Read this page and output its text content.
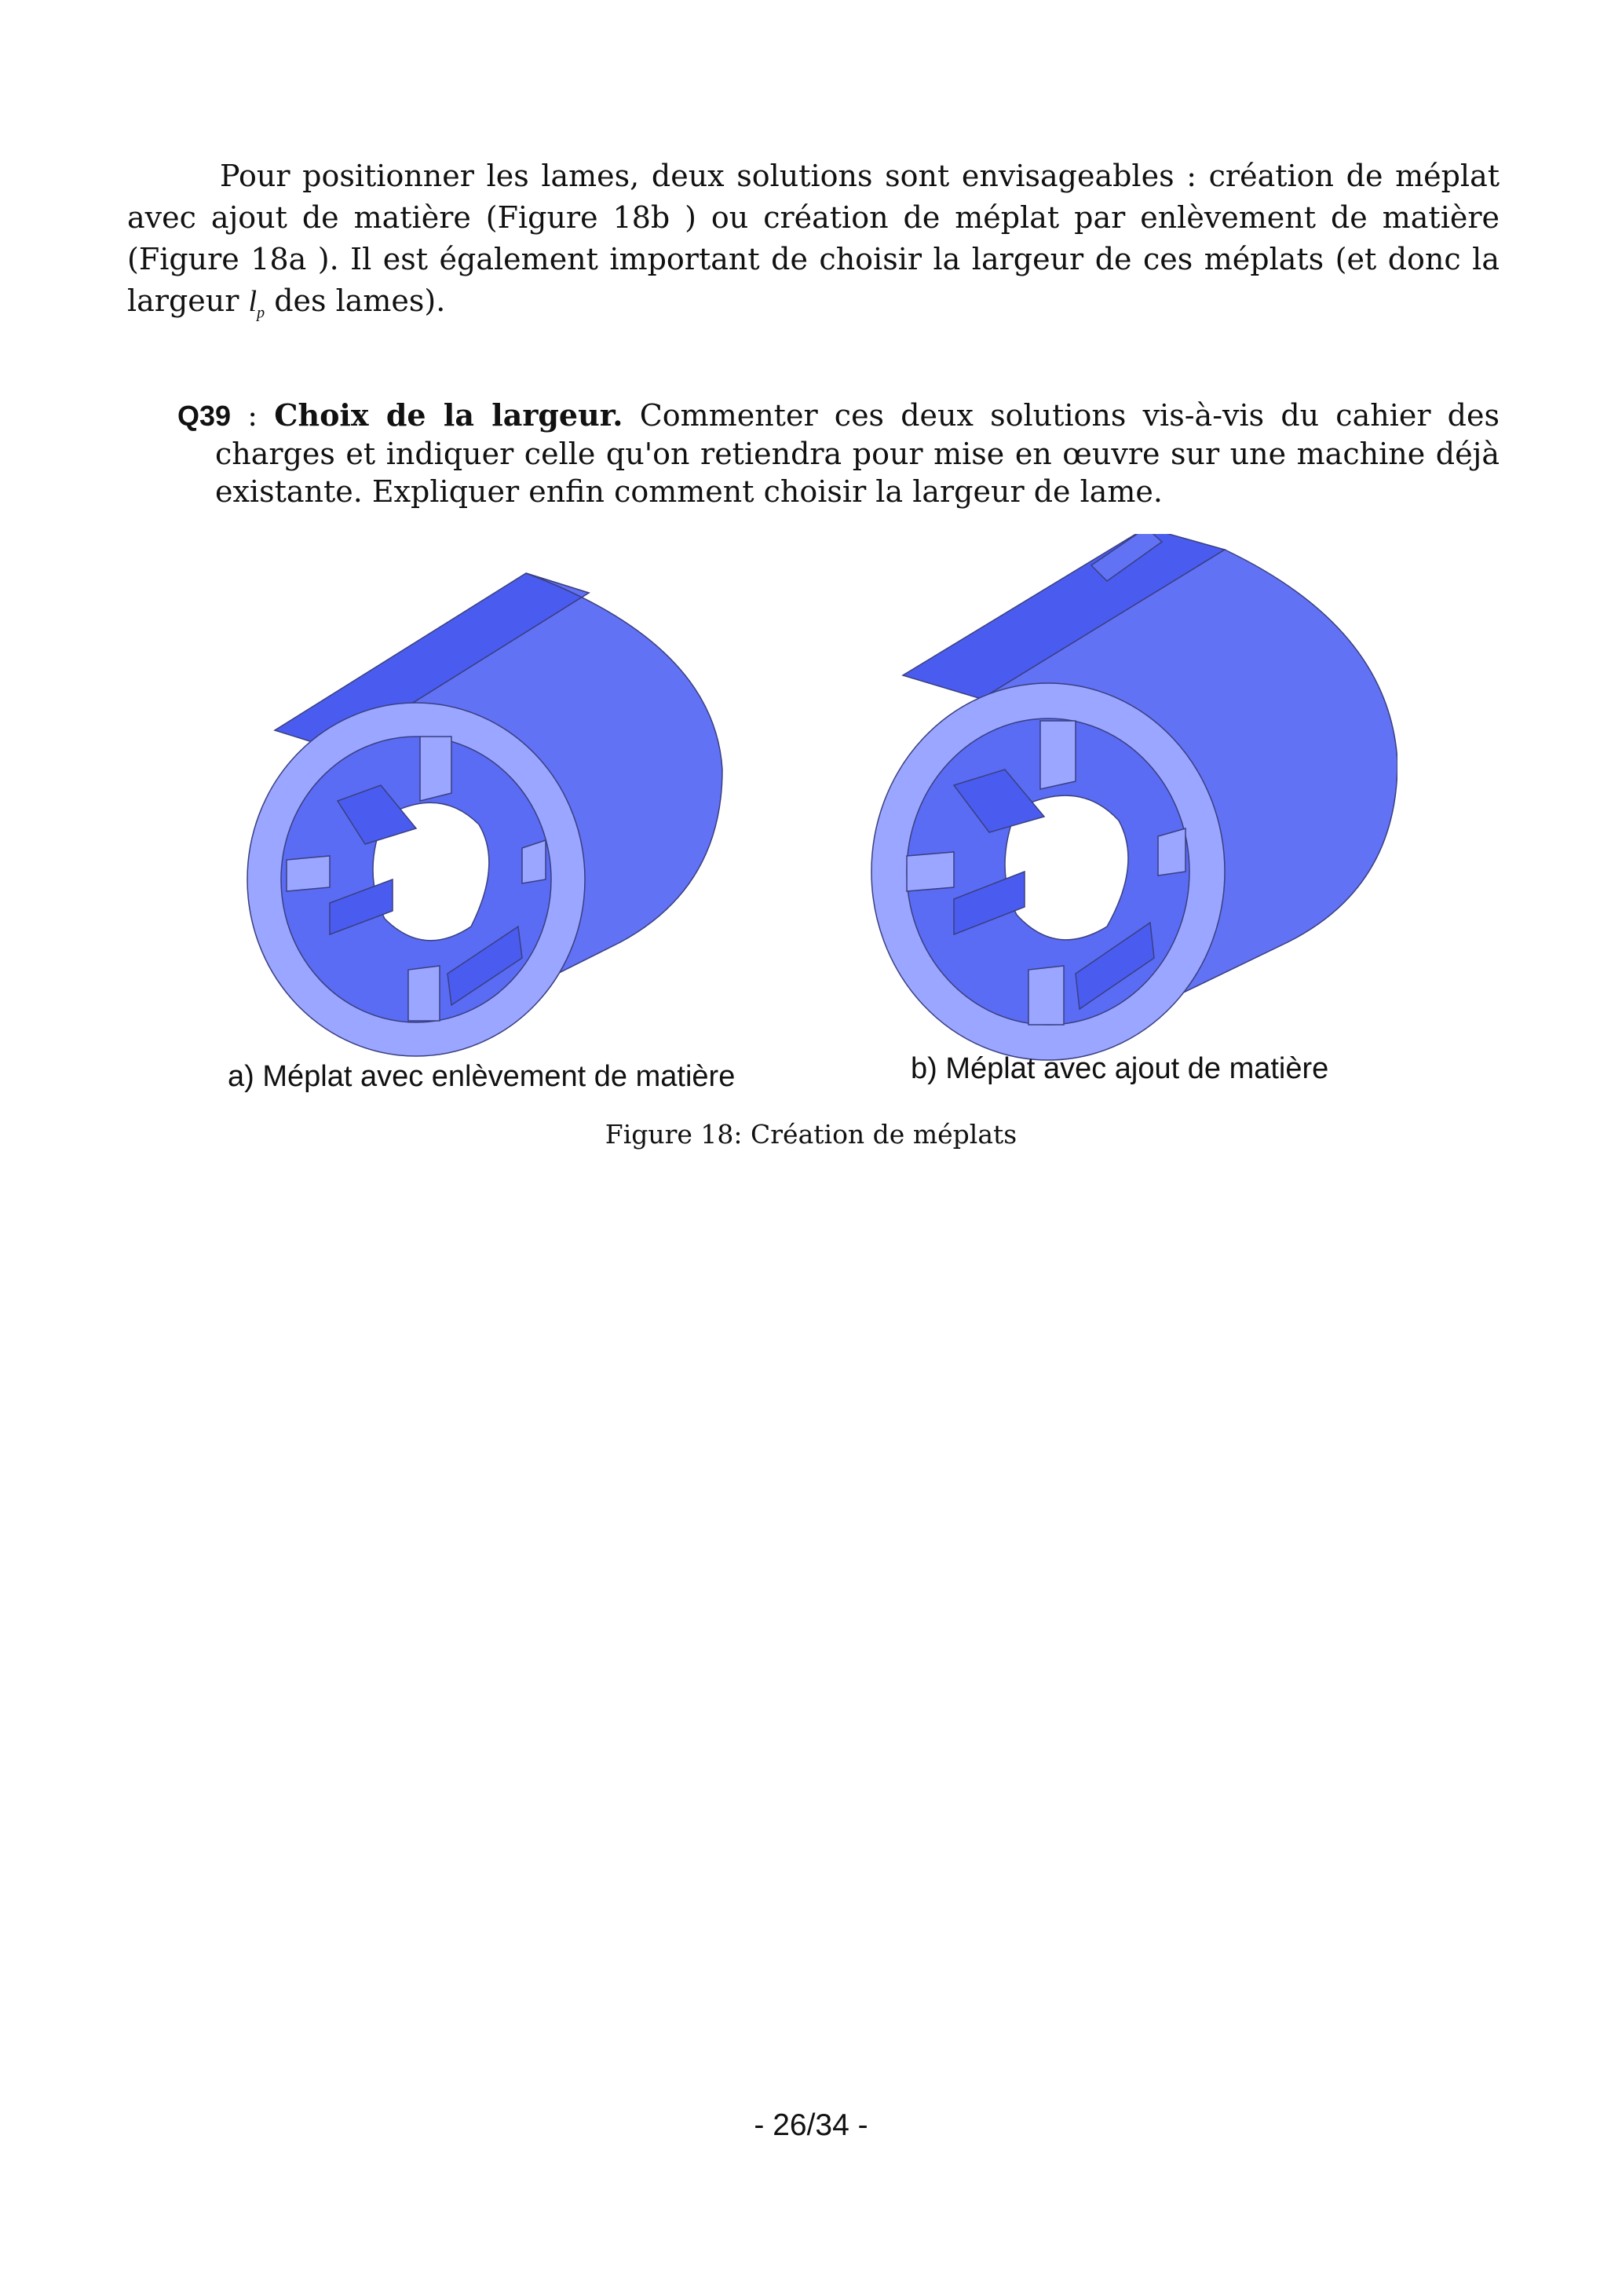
Pour positionner les lames, deux solutions sont envisageables : création de méplat avec ajout de matière (Figure 18b ) ou création de méplat par enlèvement de matière (Figure 18a ). Il est également important de choisir la largeur de ces méplats (et donc la largeur $l_p$ des lames).

Q39 : Choix de la largeur. Commenter ces deux solutions vis-à-vis du cahier des charges et indiquer celle qu'on retiendra pour mise en œuvre sur une machine déjà existante. Expliquer enfin comment choisir la largeur de lame.

a) Méplat avec enlèvement de matière	b) Méplat avec ajout de matière
Figure 18: Création de méplats
- 26/34 -
